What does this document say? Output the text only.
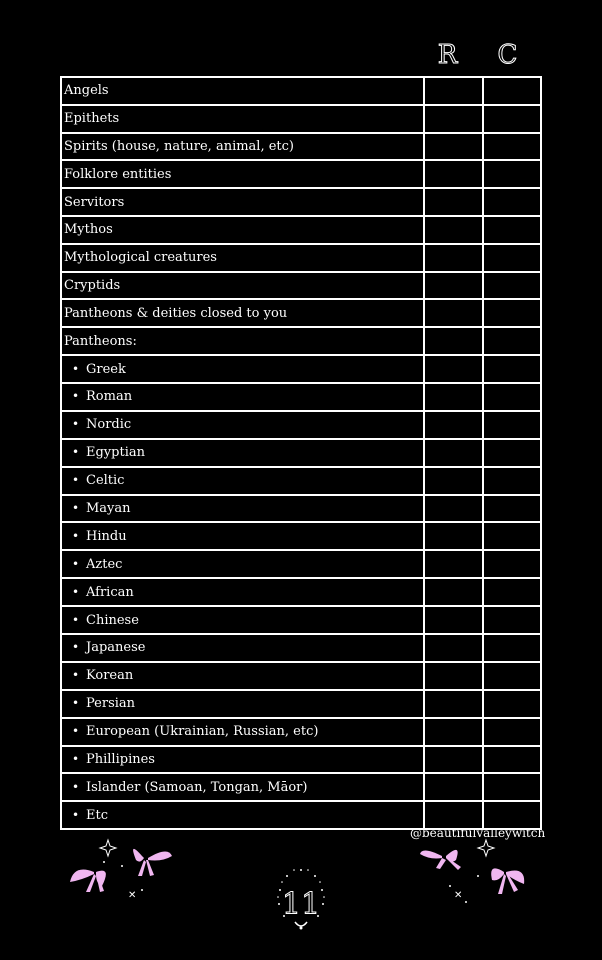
R	C
Angels		
Epithets		
Spirits (house, nature, animal, etc)		
Folklore entities		
Servitors		
Mythos		
Mythological creatures		
Cryptids		
Pantheons & deities closed to you		
Pantheons:		
• Greek		
• Roman		
• Nordic		
• Egyptian		
• Celtic		
• Mayan		
• Hindu		
• Aztec		
• African		
• Chinese		
• Japanese		
• Korean		
• Persian		
• European (Ukrainian, Russian, etc)		
• Phillipines		
• Islander (Samoan, Tongan, Māor)		
• Etc		
@beautifulvalleywitch
✕	✕
11
